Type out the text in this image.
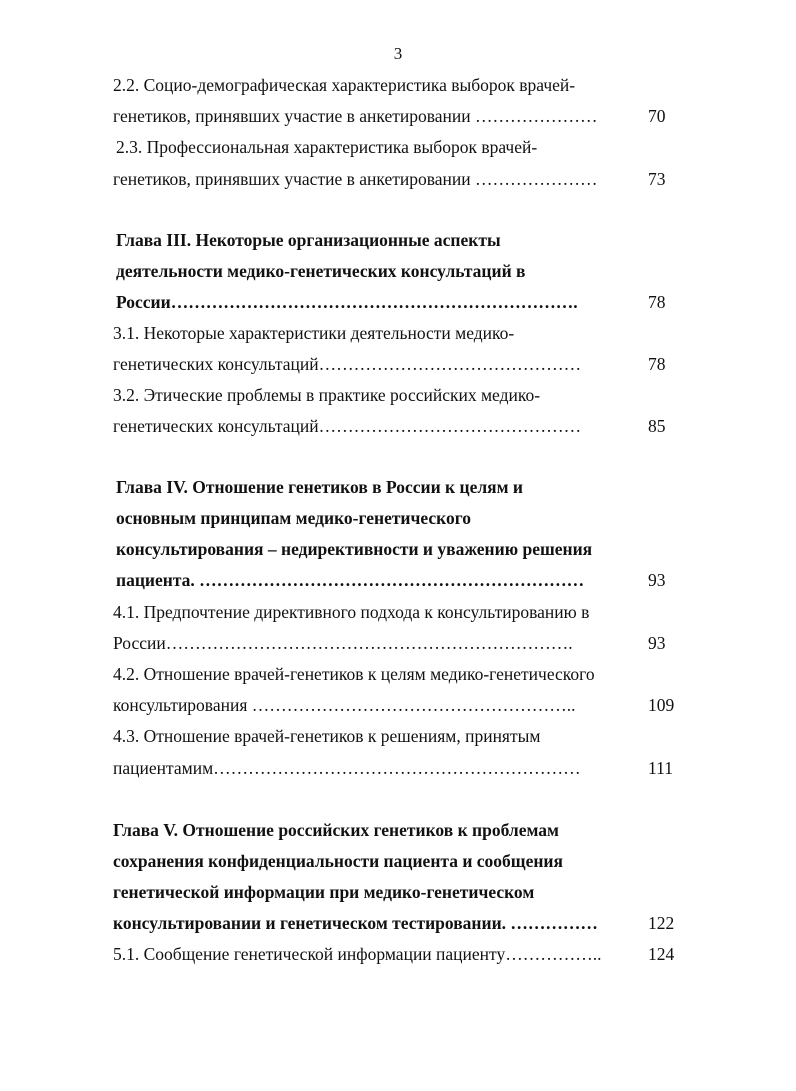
3
2.2. Социо-демографическая характеристика выборок врачей-
генетиков, принявших участие в анкетировании …………………	70
2.3. Профессиональная характеристика выборок врачей-
генетиков, принявших участие в анкетировании …………………	73
Глава III. Некоторые организационные аспекты
деятельности медико-генетических консультаций в
России…………………………………………………………….	78
3.1. Некоторые характеристики деятельности медико-
генетических консультаций………………………………………	78
3.2. Этические проблемы в практике российских медико-
генетических консультаций………………………………………	85
Глава IV. Отношение генетиков в России к целям и
основным принципам медико-генетического
консультирования – недирективности и уважению решения
пациента. …………………………………………………………	93
4.1. Предпочтение директивного подхода к консультированию в
России…………………………………………………………….	93
4.2. Отношение врачей-генетиков к целям медико-генетического
консультирования ………………………………………………..	109
4.3. Отношение врачей-генетиков к решениям, принятым
пациентамим………………………………………………………	111
Глава V. Отношение российских генетиков к проблемам
сохранения конфиденциальности пациента и сообщения
генетической информации при медико-генетическом
консультировании и генетическом тестировании. ……………	122
5.1. Сообщение генетической информации пациенту……………..	124
